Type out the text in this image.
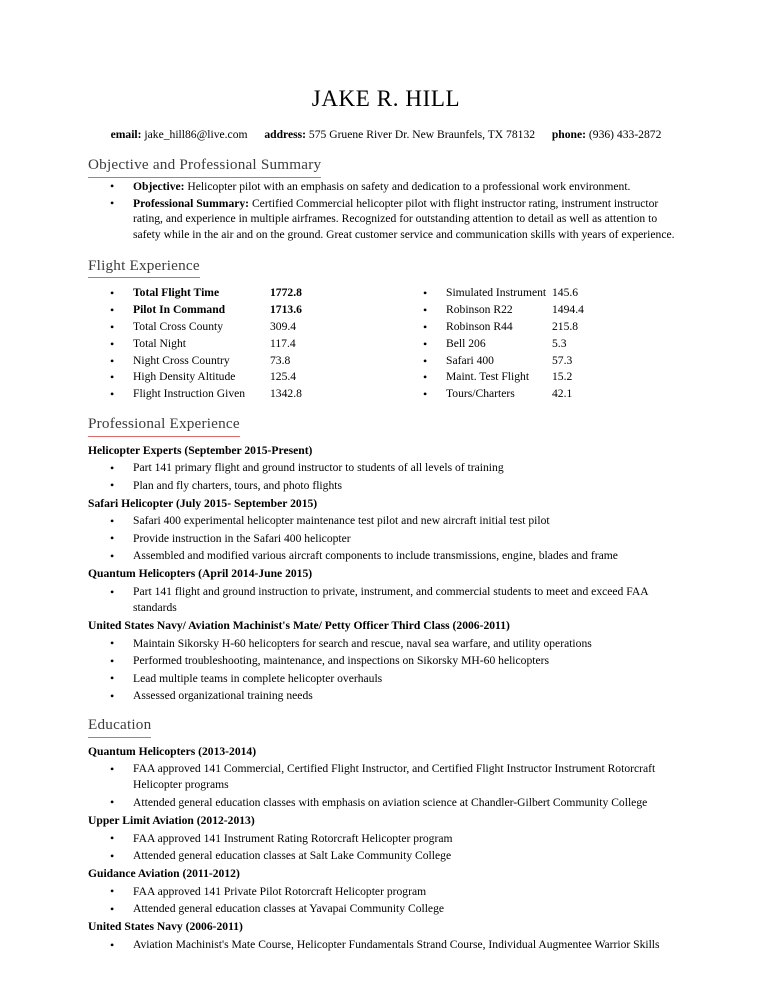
JAKE R. HILL
email: jake_hill86@live.com address: 575 Gruene River Dr. New Braunfels, TX 78132 phone: (936) 433-2872
Objective and Professional Summary
• Objective: Helicopter pilot with an emphasis on safety and dedication to a professional work environment.
• Professional Summary: Certified Commercial helicopter pilot with flight instructor rating, instrument instructor rating, and experience in multiple airframes. Recognized for outstanding attention to detail as well as attention to safety while in the air and on the ground. Great customer service and communication skills with years of experience.
Flight Experience
• Total Flight Time	1772.8
• Pilot In Command	1713.6
• Total Cross County	309.4
• Total Night	117.4
• Night Cross Country	73.8
• High Density Altitude	125.4
• Flight Instruction Given 1342.8
• Simulated Instrument 145.6
• Robinson R22	1494.4
• Robinson R44	215.8
• Bell 206	5.3
• Safari 400	57.3
• Maint. Test Flight 15.2
• Tours/Charters	42.1
Professional Experience
Helicopter Experts (September 2015-Present)
• Part 141 primary flight and ground instructor to students of all levels of training
• Plan and fly charters, tours, and photo flights
Safari Helicopter (July 2015- September 2015)
• Safari 400 experimental helicopter maintenance test pilot and new aircraft initial test pilot
• Provide instruction in the Safari 400 helicopter
• Assembled and modified various aircraft components to include transmissions, engine, blades and frame
Quantum Helicopters (April 2014-June 2015)
• Part 141 flight and ground instruction to private, instrument, and commercial students to meet and exceed FAA standards
United States Navy/ Aviation Machinist's Mate/ Petty Officer Third Class (2006-2011)
• Maintain Sikorsky H-60 helicopters for search and rescue, naval sea warfare, and utility operations
• Performed troubleshooting, maintenance, and inspections on Sikorsky MH-60 helicopters
• Lead multiple teams in complete helicopter overhauls
• Assessed organizational training needs
Education
Quantum Helicopters (2013-2014)
• FAA approved 141 Commercial, Certified Flight Instructor, and Certified Flight Instructor Instrument Rotorcraft Helicopter programs
• Attended general education classes with emphasis on aviation science at Chandler-Gilbert Community College
Upper Limit Aviation (2012-2013)
• FAA approved 141 Instrument Rating Rotorcraft Helicopter program
• Attended general education classes at Salt Lake Community College
Guidance Aviation (2011-2012)
• FAA approved 141 Private Pilot Rotorcraft Helicopter program
• Attended general education classes at Yavapai Community College
United States Navy (2006-2011)
• Aviation Machinist's Mate Course, Helicopter Fundamentals Strand Course, Individual Augmentee Warrior Skills
